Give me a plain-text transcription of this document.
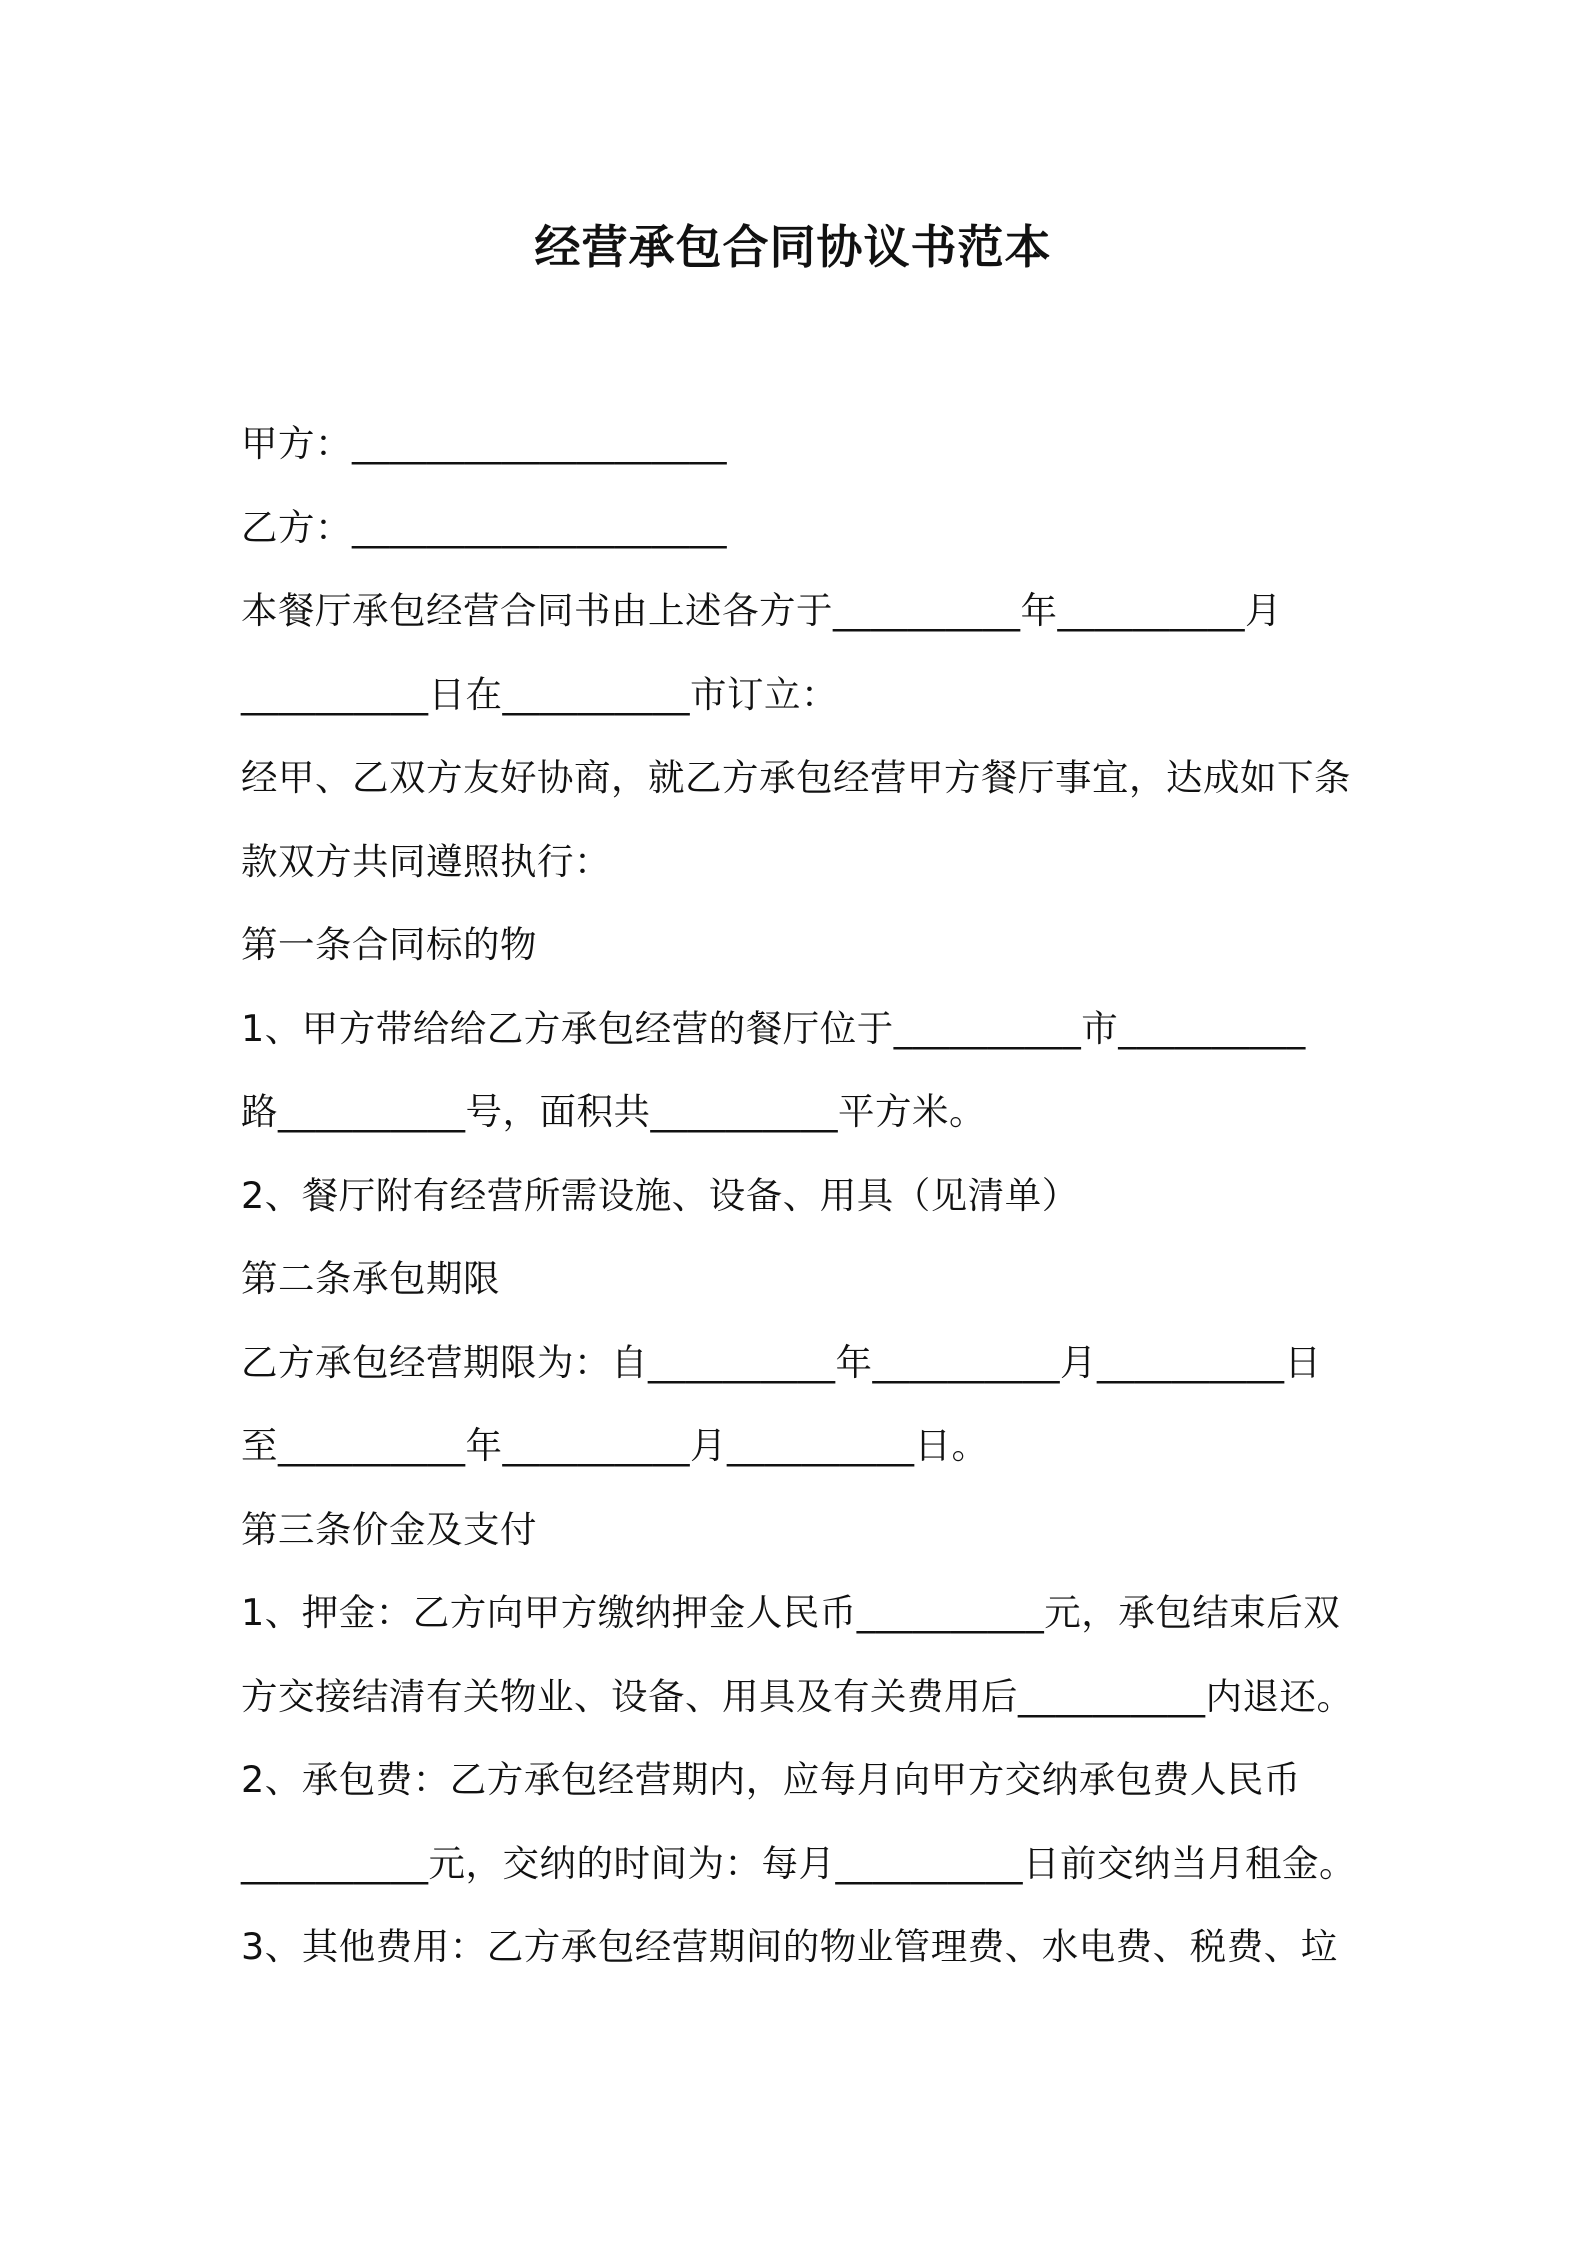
经营承包合同协议书范本
甲方：____________________
乙方：____________________
本餐厅承包经营合同书由上述各方于__________年__________月
__________日在__________市订立：
经甲、乙双方友好协商，就乙方承包经营甲方餐厅事宜，达成如下条
款双方共同遵照执行：
第一条合同标的物
1、甲方带给给乙方承包经营的餐厅位于__________市__________
路__________号，面积共__________平方米。
2、餐厅附有经营所需设施、设备、用具（见清单）
第二条承包期限
乙方承包经营期限为：自__________年__________月__________日
至__________年__________月__________日。
第三条价金及支付
1、押金：乙方向甲方缴纳押金人民币__________元，承包结束后双
方交接结清有关物业、设备、用具及有关费用后__________内退还。
2、承包费：乙方承包经营期内，应每月向甲方交纳承包费人民币
__________元，交纳的时间为：每月__________日前交纳当月租金。
3、其他费用：乙方承包经营期间的物业管理费、水电费、税费、垃
